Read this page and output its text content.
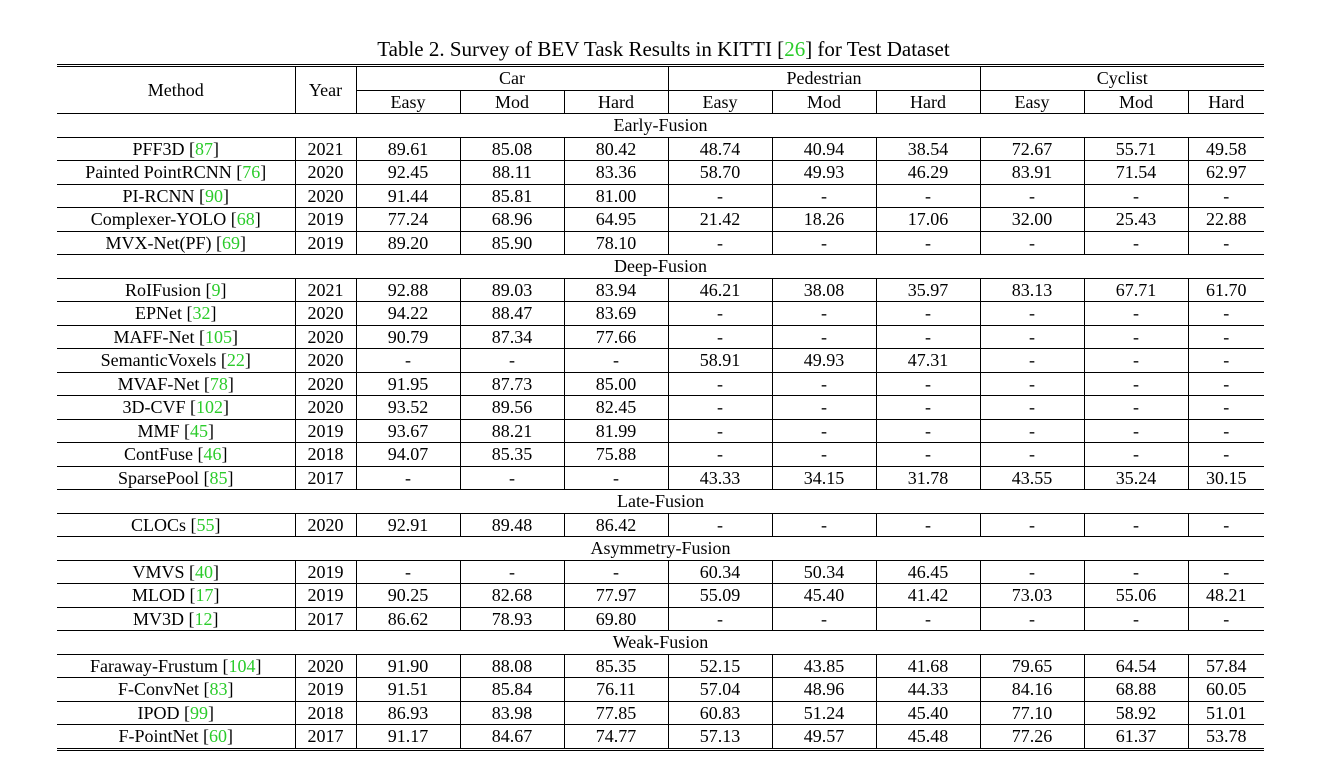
Table 2. Survey of BEV Task Results in KITTI [26] for Test Dataset
Method	Year	Car			Pedestrian			Cyclist		
		Easy	Mod	Hard	Easy	Mod	Hard	Easy	Mod	Hard
Early-Fusion										
PFF3D [87]	2021	89.61	85.08	80.42	48.74	40.94	38.54	72.67	55.71	49.58
Painted PointRCNN [76]	2020	92.45	88.11	83.36	58.70	49.93	46.29	83.91	71.54	62.97
PI-RCNN [90]	2020	91.44	85.81	81.00	-	-	-	-	-	-
Complexer-YOLO [68]	2019	77.24	68.96	64.95	21.42	18.26	17.06	32.00	25.43	22.88
MVX-Net(PF) [69]	2019	89.20	85.90	78.10	-	-	-	-	-	-
Deep-Fusion										
RoIFusion [9]	2021	92.88	89.03	83.94	46.21	38.08	35.97	83.13	67.71	61.70
EPNet [32]	2020	94.22	88.47	83.69	-	-	-	-	-	-
MAFF-Net [105]	2020	90.79	87.34	77.66	-	-	-	-	-	-
SemanticVoxels [22]	2020	-	-	-	58.91	49.93	47.31	-	-	-
MVAF-Net [78]	2020	91.95	87.73	85.00	-	-	-	-	-	-
3D-CVF [102]	2020	93.52	89.56	82.45	-	-	-	-	-	-
MMF [45]	2019	93.67	88.21	81.99	-	-	-	-	-	-
ContFuse [46]	2018	94.07	85.35	75.88	-	-	-	-	-	-
SparsePool [85]	2017	-	-	-	43.33	34.15	31.78	43.55	35.24	30.15
Late-Fusion										
CLOCs [55]	2020	92.91	89.48	86.42	-	-	-	-	-	-
Asymmetry-Fusion										
VMVS [40]	2019	-	-	-	60.34	50.34	46.45	-	-	-
MLOD [17]	2019	90.25	82.68	77.97	55.09	45.40	41.42	73.03	55.06	48.21
MV3D [12]	2017	86.62	78.93	69.80	-	-	-	-	-	-
Weak-Fusion										
Faraway-Frustum [104]	2020	91.90	88.08	85.35	52.15	43.85	41.68	79.65	64.54	57.84
F-ConvNet [83]	2019	91.51	85.84	76.11	57.04	48.96	44.33	84.16	68.88	60.05
IPOD [99]	2018	86.93	83.98	77.85	60.83	51.24	45.40	77.10	58.92	51.01
F-PointNet [60]	2017	91.17	84.67	74.77	57.13	49.57	45.48	77.26	61.37	53.78
